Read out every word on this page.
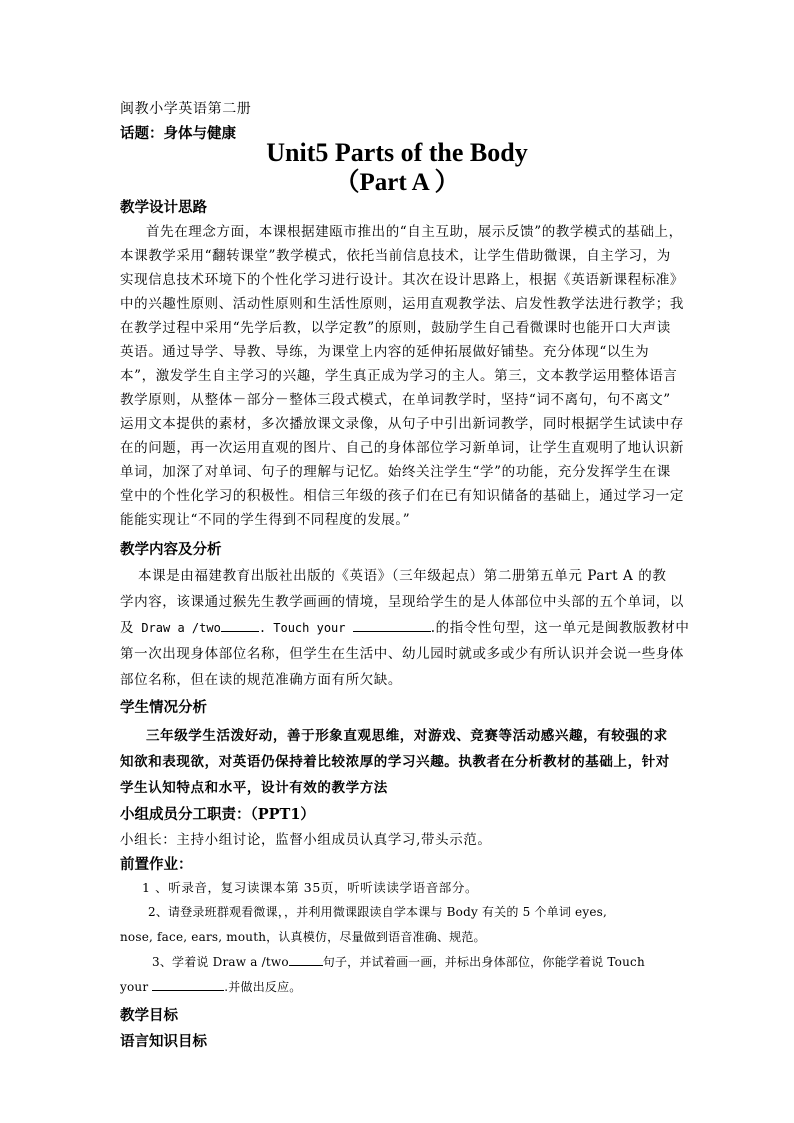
闽教小学英语第二册
话题：身体与健康
Unit5 Parts of the Body
（Part A ）
教学设计思路
首先在理念方面，本课根据建瓯市推出的“自主互助，展示反馈”的教学模式的基础上，
本课教学采用“翻转课堂”教学模式，依托当前信息技术，让学生借助微课，自主学习，为
实现信息技术环境下的个性化学习进行设计。其次在设计思路上，根据《英语新课程标准》
中的兴趣性原则、活动性原则和生活性原则，运用直观教学法、启发性教学法进行教学；我
在教学过程中采用“先学后教，以学定教”的原则，鼓励学生自己看微课时也能开口大声读
英语。通过导学、导教、导练，为课堂上内容的延伸拓展做好铺垫。充分体现“以生为
本”，激发学生自主学习的兴趣，学生真正成为学习的主人。第三，文本教学运用整体语言
教学原则，从整体－部分－整体三段式模式，在单词教学时，坚持“词不离句，句不离文”
运用文本提供的素材，多次播放课文录像，从句子中引出新词教学，同时根据学生试读中存
在的问题，再一次运用直观的图片、自己的身体部位学习新单词，让学生直观明了地认识新
单词，加深了对单词、句子的理解与记忆。始终关注学生“学”的功能，充分发挥学生在课
堂中的个性化学习的积极性。相信三年级的孩子们在已有知识储备的基础上，通过学习一定
能能实现让“不同的学生得到不同程度的发展。”
教学内容及分析
本课是由福建教育出版社出版的《英语》（三年级起点）第二册第五单元 Part A 的教
学内容，该课通过猴先生教学画画的情境，呈现给学生的是人体部位中头部的五个单词，以
及 Draw a /two	. Touch your	.的指令性句型，这一单元是闽教版教材中
第一次出现身体部位名称，但学生在生活中、幼儿园时就或多或少有所认识并会说一些身体
部位名称，但在读的规范准确方面有所欠缺。
学生情况分析
三年级学生活泼好动，善于形象直观思维，对游戏、竞赛等活动感兴趣，有较强的求
知欲和表现欲，对英语仍保持着比较浓厚的学习兴趣。执教者在分析教材的基础上，针对
学生认知特点和水平，设计有效的教学方法
小组成员分工职责：（PPT1）
小组长：主持小组讨论，监督小组成员认真学习,带头示范。
前置作业：
1 、听录音，复习读课本第 35页，听听读读学语音部分。
2、请登录班群观看微课，，并利用微课跟读自学本课与 Body 有关的 5 个单词 eyes,
nose, face, ears, mouth，认真模仿，尽量做到语音准确、规范。
3、学着说 Draw a /two	句子，并试着画一画，并标出身体部位，你能学着说 Touch
your	.并做出反应。
教学目标
语言知识目标
